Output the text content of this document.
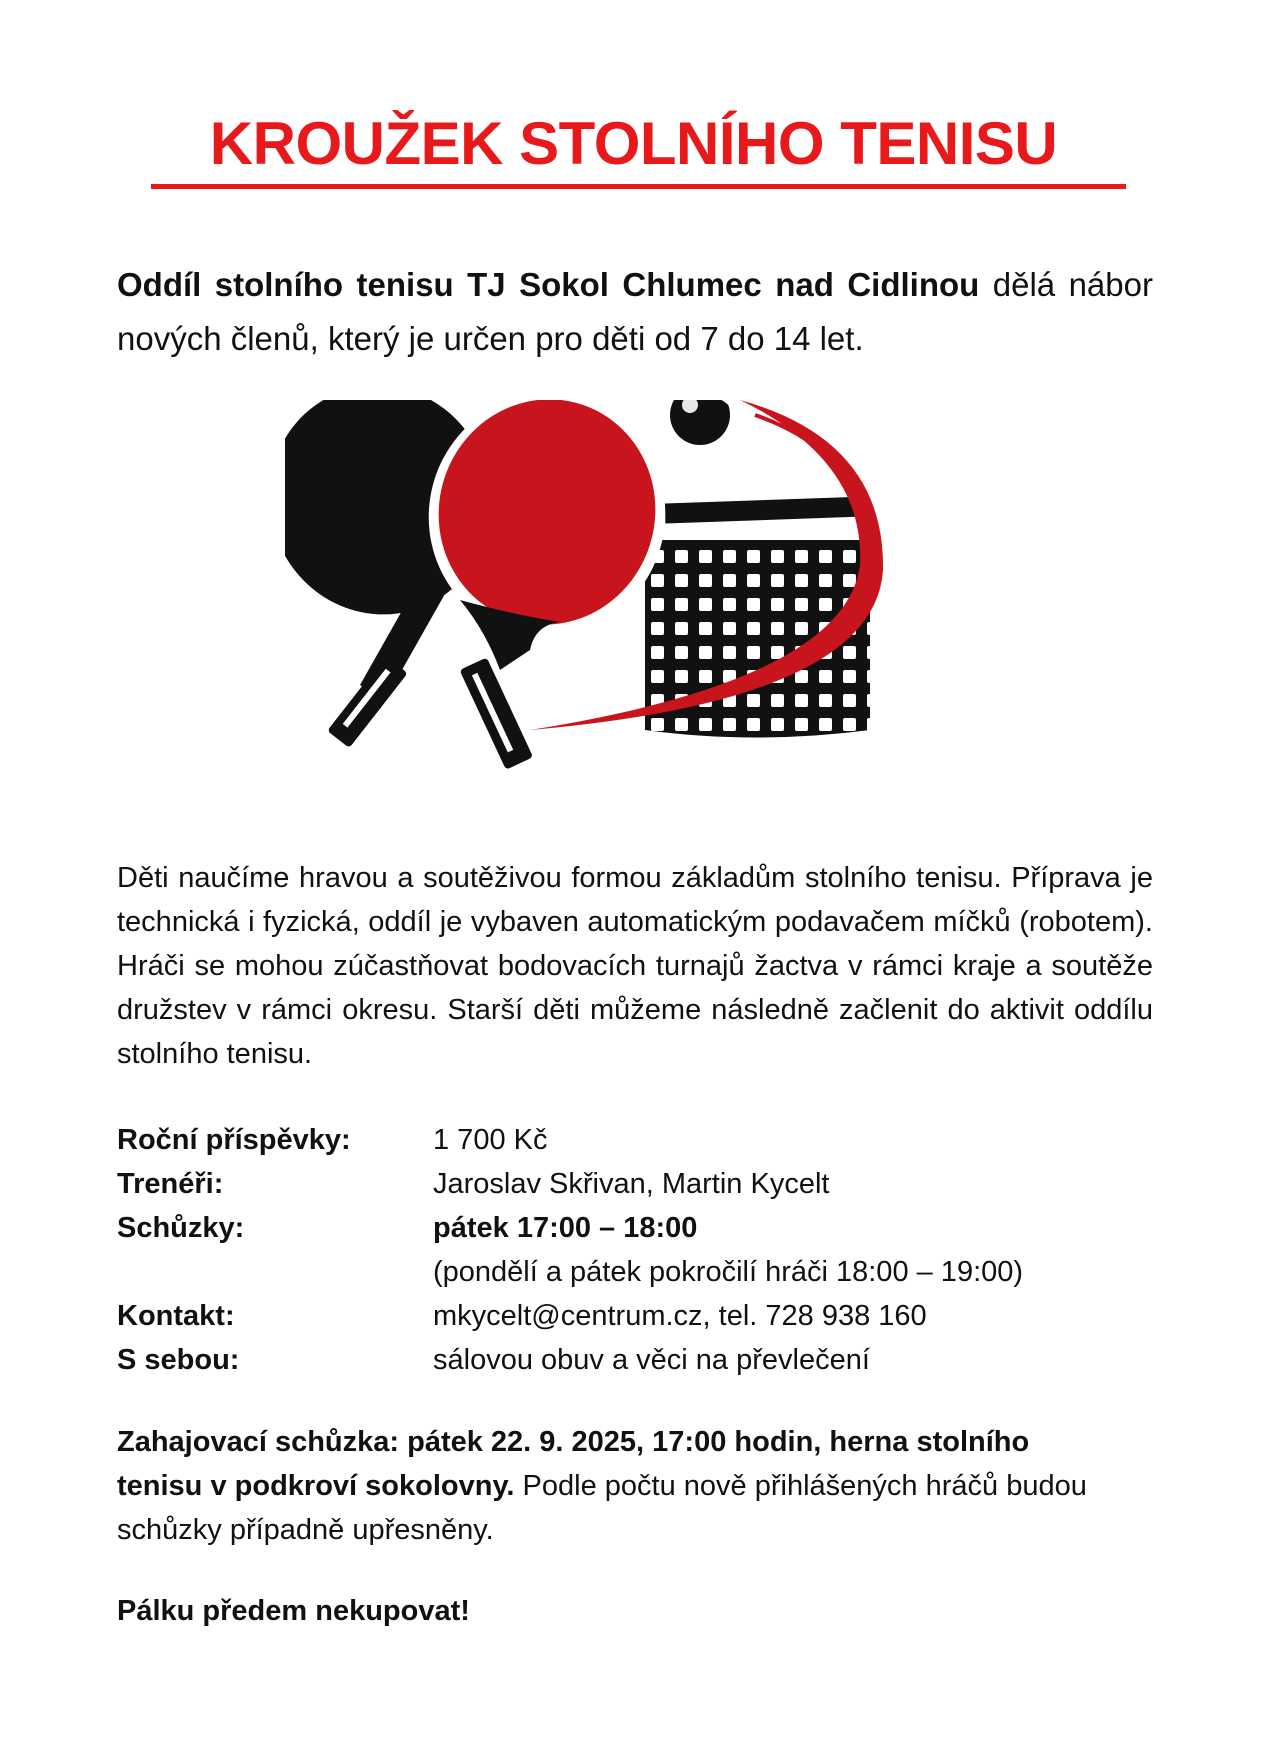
KROUŽEK STOLNÍHO TENISU

Oddíl stolního tenisu TJ Sokol Chlumec nad Cidlinou dělá nábor nových členů, který je určen pro děti od 7 do 14 let.

Děti naučíme hravou a soutěživou formou základům stolního tenisu. Příprava je technická i fyzická, oddíl je vybaven automatickým podavačem míčků (robotem). Hráči se mohou zúčastňovat bodovacích turnajů žactva v rámci kraje a soutěže družstev v rámci okresu. Starší děti můžeme následně začlenit do aktivit oddílu stolního tenisu.

Roční příspěvky:	1 700 Kč
Trenéři:	Jaroslav Skřivan, Martin Kycelt
Schůzky:	pátek 17:00 – 18:00
(pondělí a pátek pokročilí hráči 18:00 – 19:00)
Kontakt:	mkycelt@centrum.cz, tel. 728 938 160
S sebou:	sálovou obuv a věci na převlečení

Zahajovací schůzka: pátek 22. 9. 2025, 17:00 hodin, herna stolního tenisu v podkroví sokolovny. Podle počtu nově přihlášených hráčů budou schůzky případně upřesněny.

Pálku předem nekupovat!
